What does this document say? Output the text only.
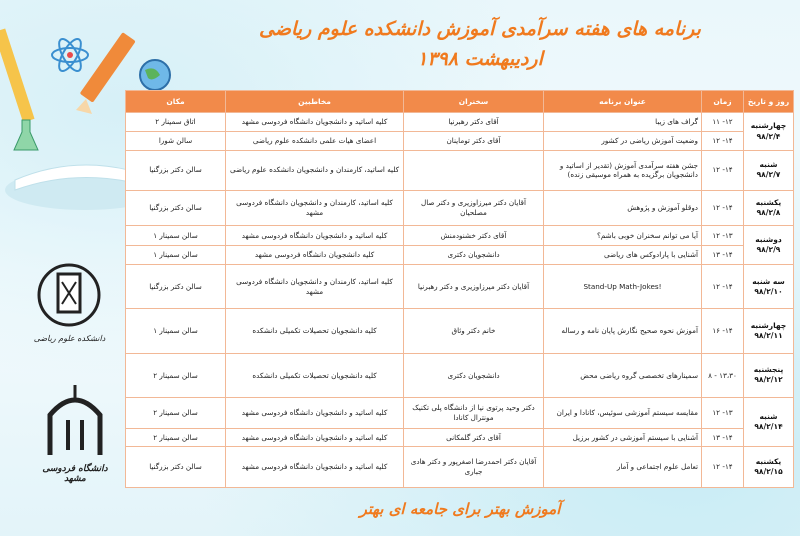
برنامه های هفته سرآمدی آموزش دانشکده علوم ریاضی
اردیبهشت ۱۳۹۸
دانشکده علوم ریاضی
دانشگاه فردوسی مشهد
روز و تاریخ	زمان	عنوان برنامه	سخنران	مخاطبین	مکان

چهارشنبه
۹۸/۲/۴	۱۲- ۱۱	گراف های زیبا	آقای دکتر رهبرنیا	کلیه اساتید و دانشجویان دانشگاه فردوسی مشهد	اتاق سمینار ۲
	۱۴- ۱۲	وضعیت آموزش ریاضی در کشور	آقای دکتر توماینان	اعضای هیات علمی دانشکده علوم ریاضی	سالن شورا

شنبه
۹۸/۲/۷	۱۴- ۱۲	جشن هفته سرآمدی آموزش (تقدیر از اساتید و دانشجویان برگزیده به همراه موسیقی زنده)		کلیه اساتید، کارمندان و دانشجویان دانشکده علوم ریاضی	سالن دکتر بزرگنیا

یکشنبه
۹۸/۲/۸	۱۴- ۱۲	دوقلو آموزش و پژوهش	آقایان دکتر میرزاوزیری و دکتر صال مصلحیان	کلیه اساتید، کارمندان و دانشجویان دانشگاه فردوسی مشهد	سالن دکتر بزرگنیا

دوشنبه
۹۸/۲/۹	۱۳- ۱۲	آیا می توانم سخنران خوبی باشم؟	آقای دکتر خشنودمنش	کلیه اساتید و دانشجویان دانشگاه فردوسی مشهد	سالن سمینار ۱
	۱۴- ۱۳	آشنایی با پارادوکس های ریاضی	دانشجویان دکتری	کلیه دانشجویان دانشگاه فردوسی مشهد	سالن سمینار ۱

سه شنبه
۹۸/۲/۱۰	۱۴- ۱۲	Stand-Up Math-Jokes!	آقایان دکتر میرزاوزیری و دکتر رهبرنیا	کلیه اساتید، کارمندان و دانشجویان دانشگاه فردوسی مشهد	سالن دکتر بزرگنیا

چهارشنبه
۹۸/۲/۱۱	۱۴- ۱۶	آموزش نحوه صحیح نگارش پایان نامه و رساله	خانم دکتر وثاق	کلیه دانشجویان تحصیلات تکمیلی دانشکده	سالن سمینار ۱

پنجشنبه
۹۸/۲/۱۲	۱۳،۳۰ - ۸	سمینارهای تخصصی گروه ریاضی محض	دانشجویان دکتری	کلیه دانشجویان تحصیلات تکمیلی دانشکده	سالن سمینار ۲

شنبه
۹۸/۲/۱۴	۱۳- ۱۲	مقایسه سیستم آموزشی سوئیس، کانادا و ایران	دکتر وحید پرتوی نیا از دانشگاه پلی تکنیک مونترال کانادا	کلیه اساتید و دانشجویان دانشگاه فردوسی مشهد	سالن سمینار ۲
	۱۴- ۱۳	آشنایی با سیستم آموزشی در کشور برزیل	آقای دکتر گلمکانی	کلیه اساتید و دانشجویان دانشگاه فردوسی مشهد	سالن سمینار ۲

یکشنبه
۹۸/۲/۱۵	۱۴- ۱۲	تعامل علوم اجتماعی و آمار	آقایان دکتر احمدرضا اصغرپور و دکتر هادی جباری	کلیه اساتید و دانشجویان دانشگاه فردوسی مشهد	سالن دکتر بزرگنیا
آموزش بهتر برای جامعه ای بهتر
